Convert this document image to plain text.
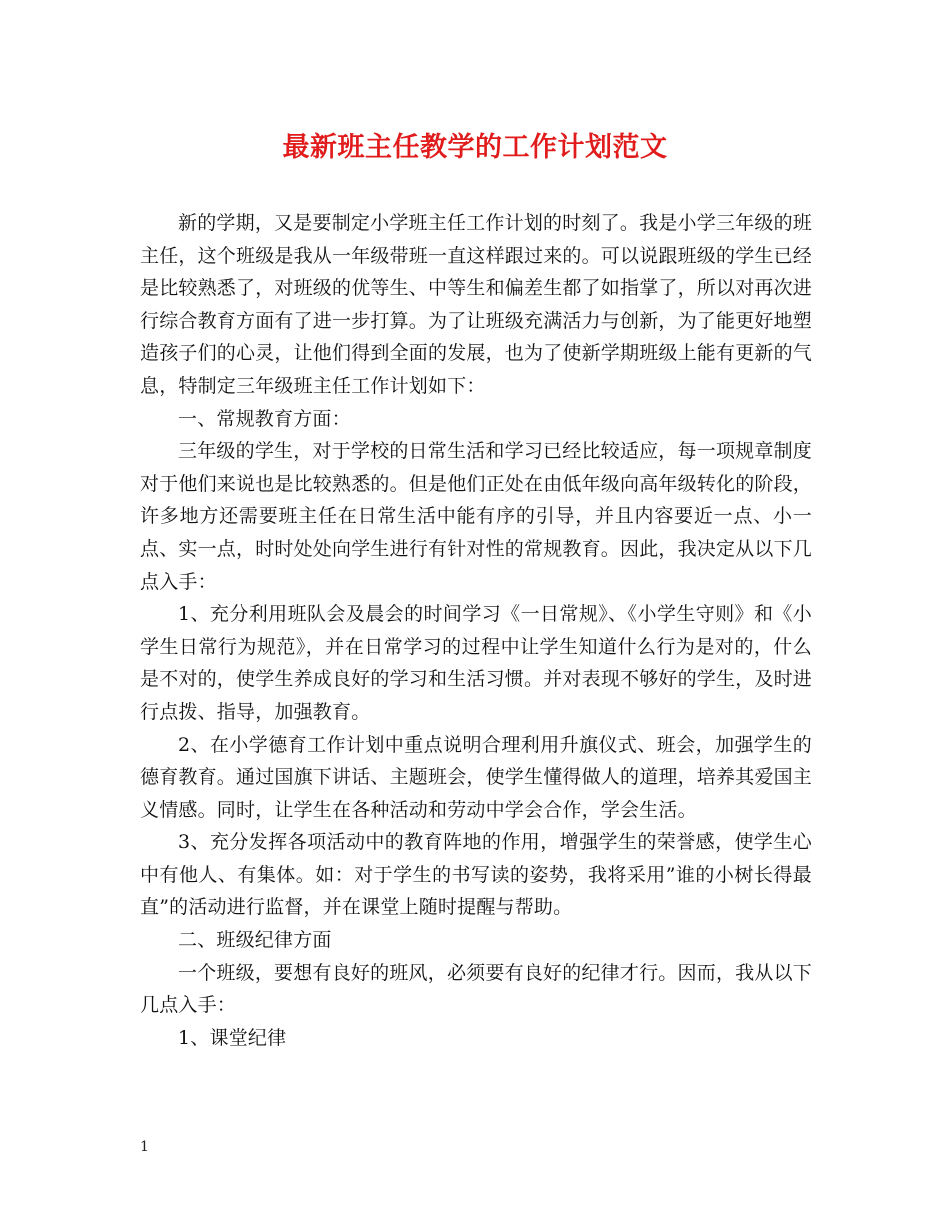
最新班主任教学的工作计划范文

新的学期，又是要制定小学班主任工作计划的时刻了。我是小学三年级的班主任，这个班级是我从一年级带班一直这样跟过来的。可以说跟班级的学生已经是比较熟悉了，对班级的优等生、中等生和偏差生都了如指掌了，所以对再次进行综合教育方面有了进一步打算。为了让班级充满活力与创新，为了能更好地塑造孩子们的心灵，让他们得到全面的发展，也为了使新学期班级上能有更新的气息，特制定三年级班主任工作计划如下：

一、常规教育方面：

三年级的学生，对于学校的日常生活和学习已经比较适应，每一项规章制度对于他们来说也是比较熟悉的。但是他们正处在由低年级向高年级转化的阶段，许多地方还需要班主任在日常生活中能有序的引导，并且内容要近一点、小一点、实一点，时时处处向学生进行有针对性的常规教育。因此，我决定从以下几点入手：

1、充分利用班队会及晨会的时间学习《一日常规》、《小学生守则》和《小学生日常行为规范》，并在日常学习的过程中让学生知道什么行为是对的，什么是不对的，使学生养成良好的学习和生活习惯。并对表现不够好的学生，及时进行点拨、指导，加强教育。

2、在小学德育工作计划中重点说明合理利用升旗仪式、班会，加强学生的德育教育。通过国旗下讲话、主题班会，使学生懂得做人的道理，培养其爱国主义情感。同时，让学生在各种活动和劳动中学会合作，学会生活。

3、充分发挥各项活动中的教育阵地的作用，增强学生的荣誉感，使学生心中有他人、有集体。如：对于学生的书写读的姿势，我将采用”谁的小树长得最直”的活动进行监督，并在课堂上随时提醒与帮助。

二、班级纪律方面

一个班级，要想有良好的班风，必须要有良好的纪律才行。因而，我从以下几点入手：

1、课堂纪律

1
